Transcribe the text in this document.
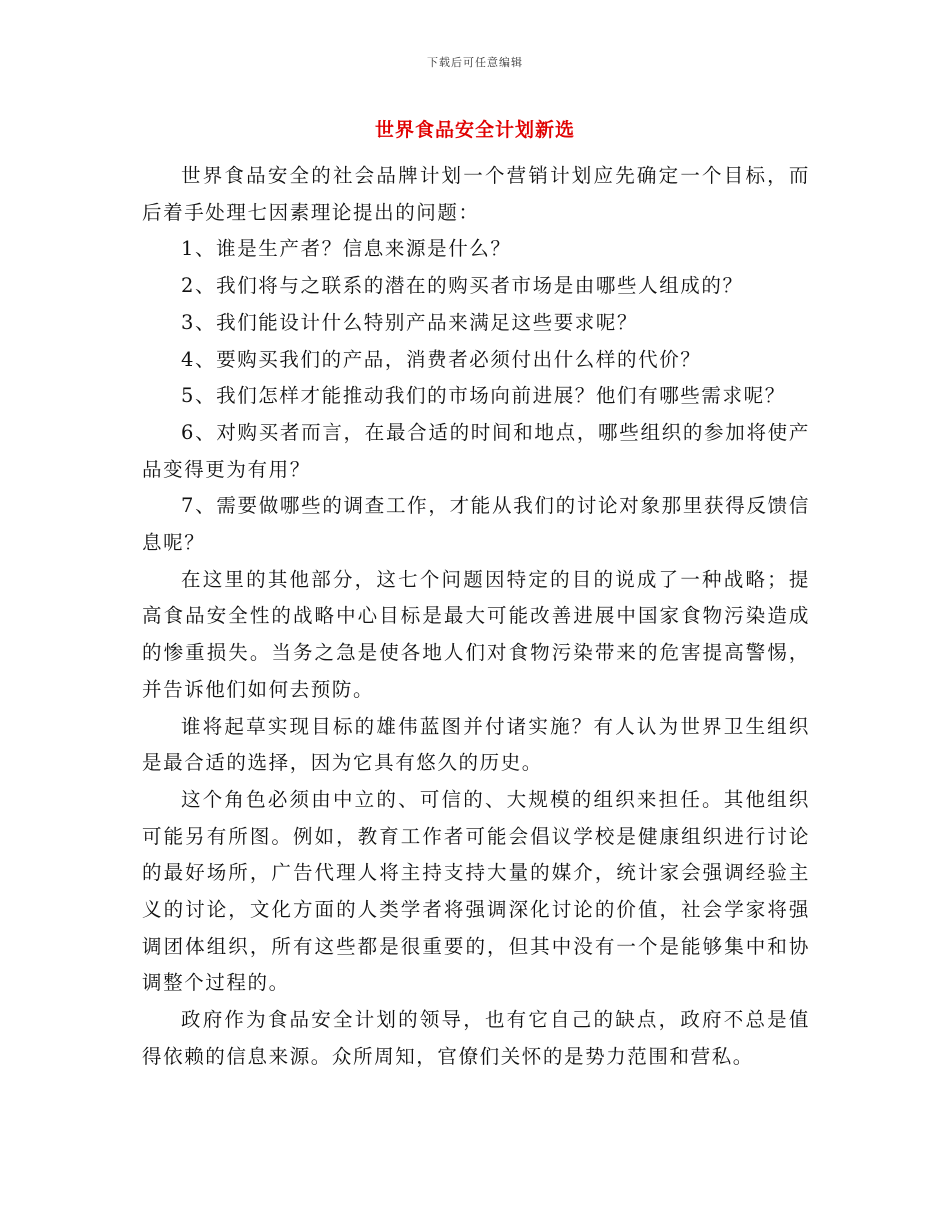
下载后可任意编辑
世界食品安全计划新选

世界食品安全的社会品牌计划一个营销计划应先确定一个目标，而后着手处理七因素理论提出的问题：

1、谁是生产者？信息来源是什么？

2、我们将与之联系的潜在的购买者市场是由哪些人组成的？

3、我们能设计什么特别产品来满足这些要求呢？

4、要购买我们的产品，消费者必须付出什么样的代价？

5、我们怎样才能推动我们的市场向前进展？他们有哪些需求呢？

6、对购买者而言，在最合适的时间和地点，哪些组织的参加将使产品变得更为有用？

7、需要做哪些的调查工作，才能从我们的讨论对象那里获得反馈信息呢？

在这里的其他部分，这七个问题因特定的目的说成了一种战略；提高食品安全性的战略中心目标是最大可能改善进展中国家食物污染造成的惨重损失。当务之急是使各地人们对食物污染带来的危害提高警惕，并告诉他们如何去预防。

谁将起草实现目标的雄伟蓝图并付诸实施？有人认为世界卫生组织是最合适的选择，因为它具有悠久的历史。

这个角色必须由中立的、可信的、大规模的组织来担任。其他组织可能另有所图。例如，教育工作者可能会倡议学校是健康组织进行讨论的最好场所，广告代理人将主持支持大量的媒介，统计家会强调经验主义的讨论，文化方面的人类学者将强调深化讨论的价值，社会学家将强调团体组织，所有这些都是很重要的，但其中没有一个是能够集中和协调整个过程的。

政府作为食品安全计划的领导，也有它自己的缺点，政府不总是值得依赖的信息来源。众所周知，官僚们关怀的是势力范围和营私。
